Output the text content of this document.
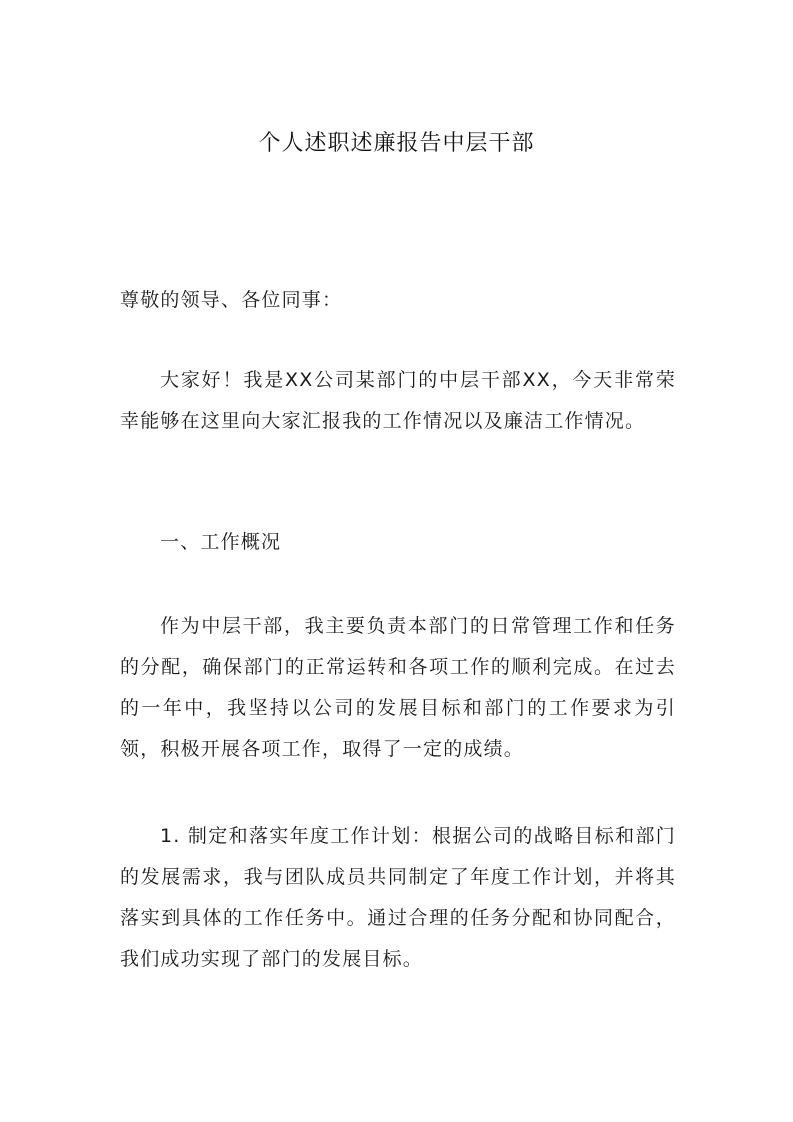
个人述职述廉报告中层干部
尊敬的领导、各位同事：
大家好！我是XX公司某部门的中层干部XX，今天非常荣幸能够在这里向大家汇报我的工作情况以及廉洁工作情况。
一、工作概况
作为中层干部，我主要负责本部门的日常管理工作和任务的分配，确保部门的正常运转和各项工作的顺利完成。在过去的一年中，我坚持以公司的发展目标和部门的工作要求为引领，积极开展各项工作，取得了一定的成绩。
1. 制定和落实年度工作计划：根据公司的战略目标和部门的发展需求，我与团队成员共同制定了年度工作计划，并将其落实到具体的工作任务中。通过合理的任务分配和协同配合，我们成功实现了部门的发展目标。
